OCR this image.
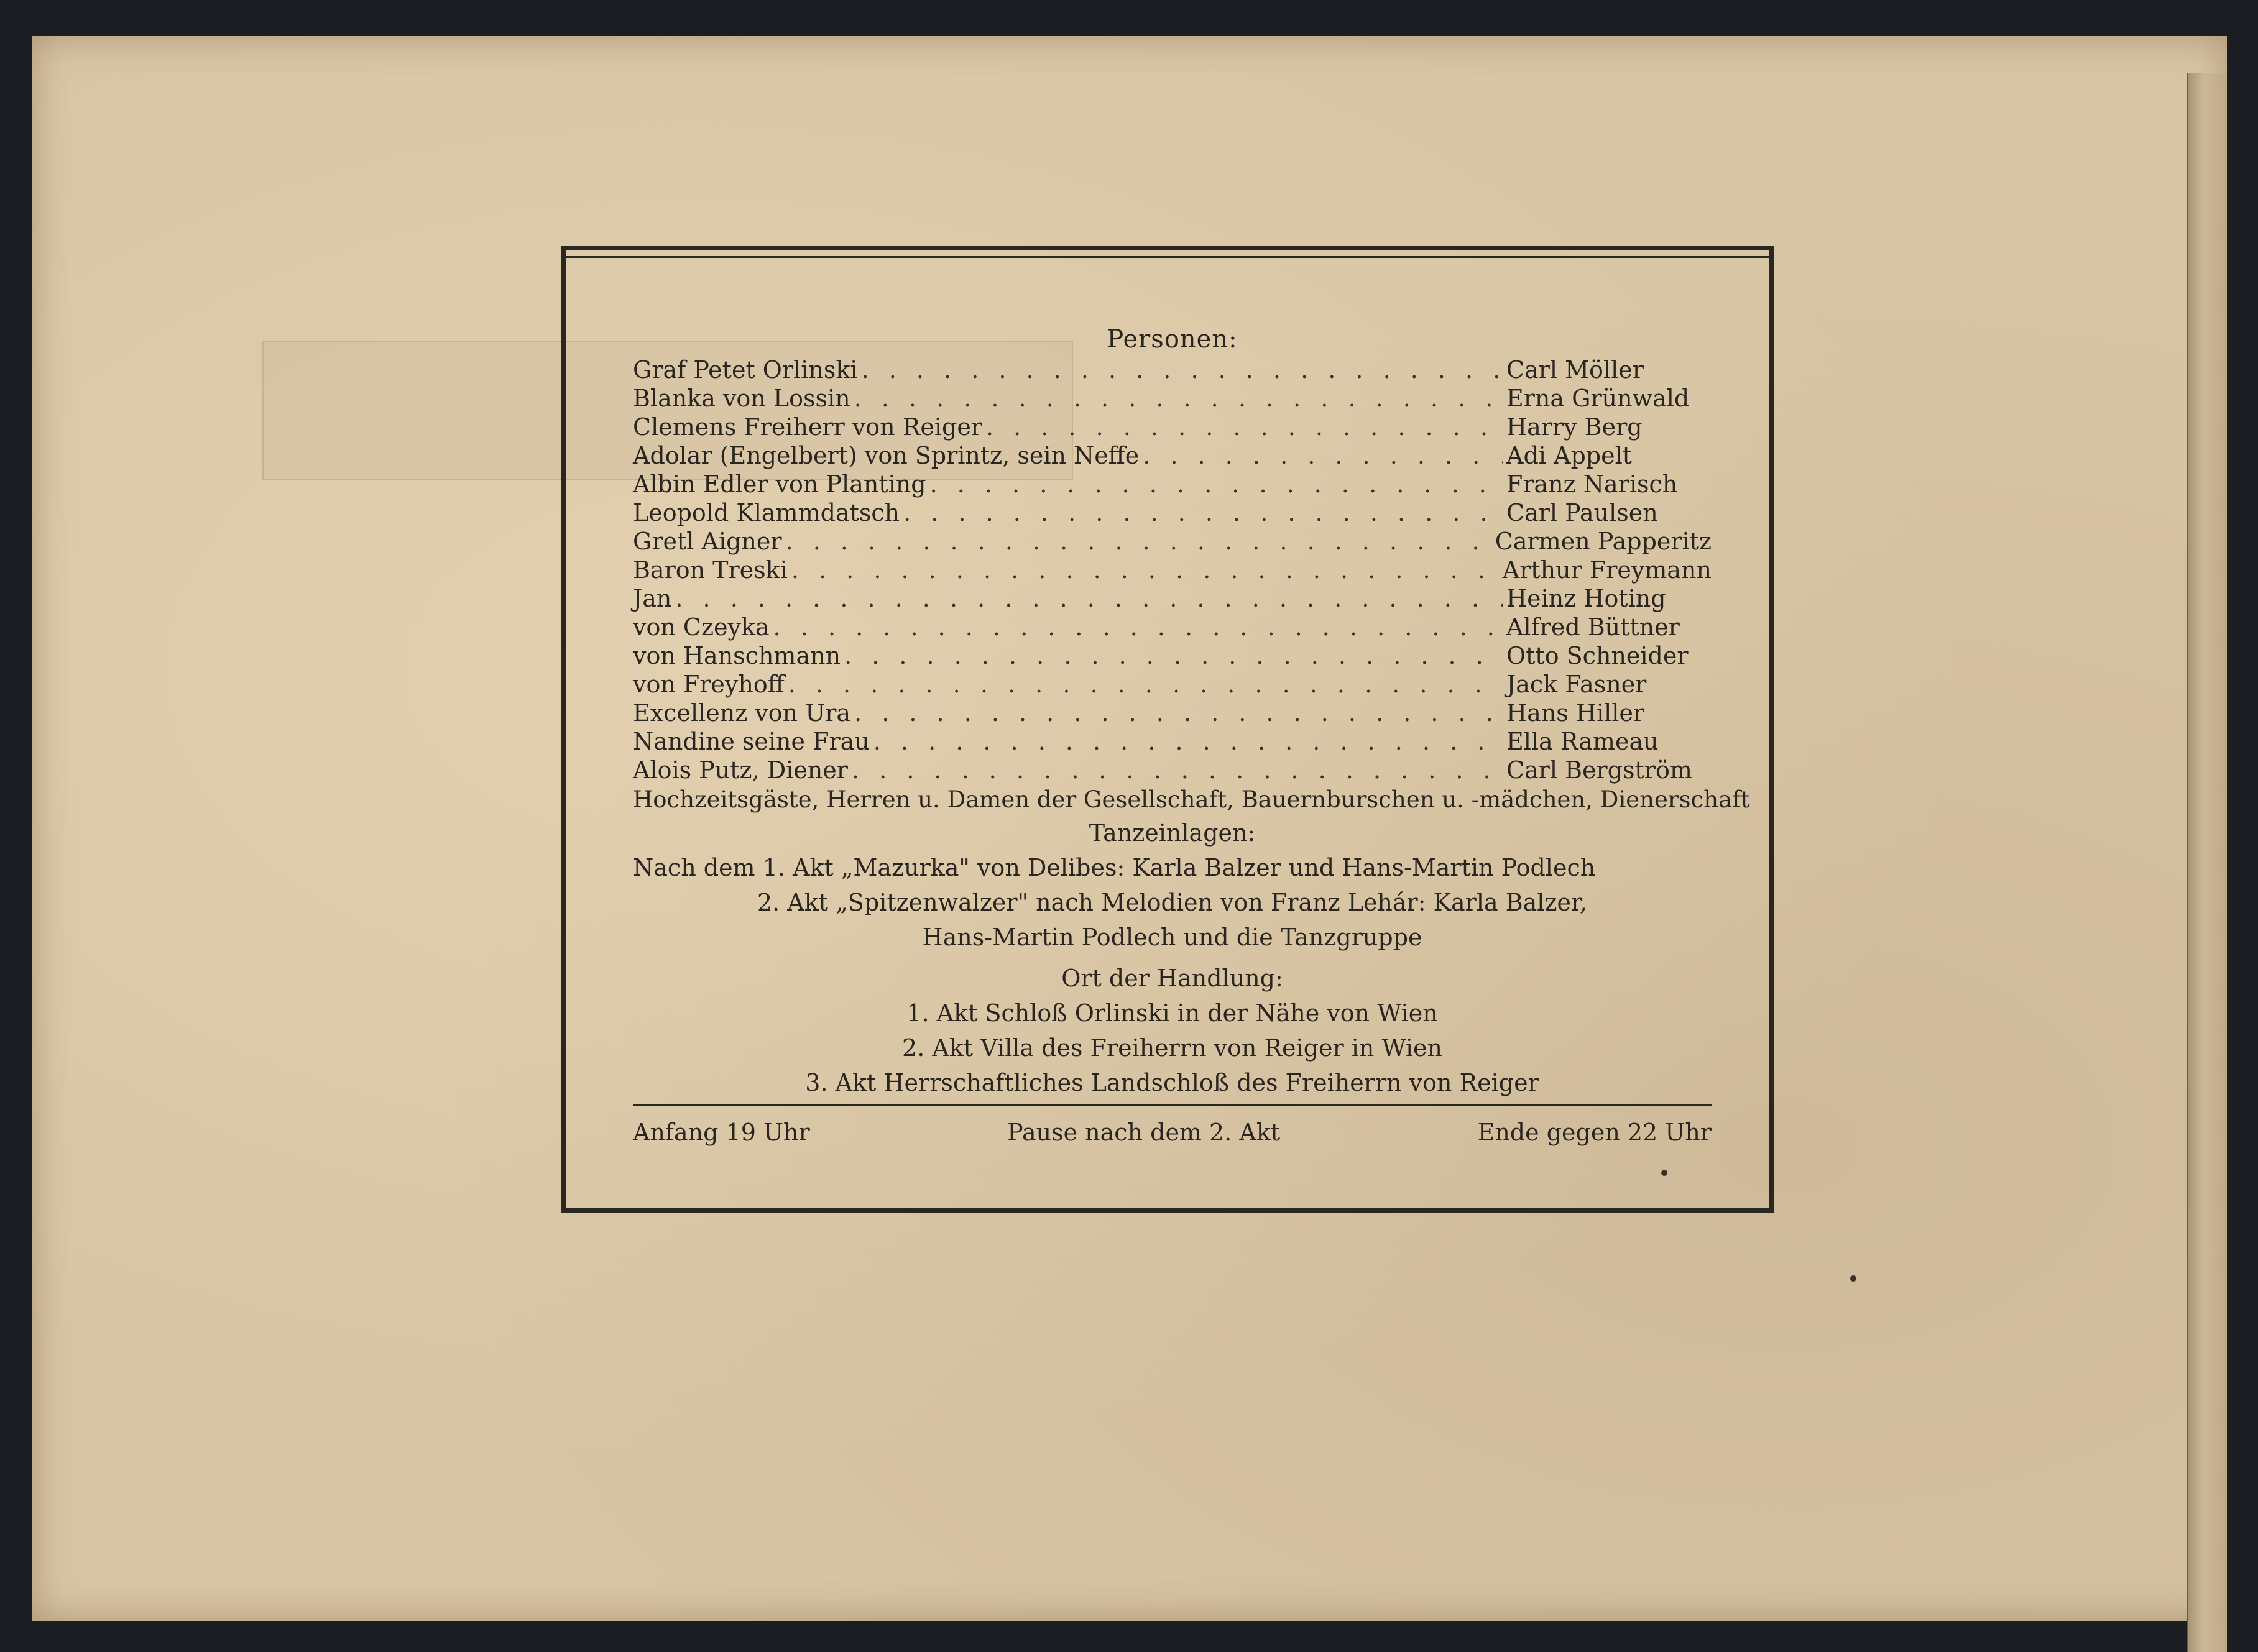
Personen:
Graf Petet Orlinski . . .	Carl Möller
Blanka von Lossin . . .	Erna Grünwald
Clemens Freiherr von Reiger . . .	Harry Berg
Adolar (Engelbert) von Sprintz, sein Neffe . . .	Adi Appelt
Albin Edler von Planting . . .	Franz Narisch
Leopold Klammdatsch . . .	Carl Paulsen
Gretl Aigner . . .	Carmen Papperitz
Baron Treski . . .	Arthur Freymann
Jan . . .	Heinz Hoting
von Czeyka . . .	Alfred Büttner
von Hanschmann . . .	Otto Schneider
von Freyhoff . . .	Jack Fasner
Excellenz von Ura . . .	Hans Hiller
Nandine seine Frau . . .	Ella Rameau
Alois Putz, Diener . . .	Carl Bergström
Hochzeitsgäste, Herren u. Damen der Gesellschaft, Bauernburschen u. -mädchen, Dienerschaft
Tanzeinlagen:
Nach dem 1. Akt „Mazurka" von Delibes: Karla Balzer und Hans-Martin Podlech
2. Akt „Spitzenwalzer" nach Melodien von Franz Lehár: Karla Balzer,
Hans-Martin Podlech und die Tanzgruppe
Ort der Handlung:
1. Akt Schloß Orlinski in der Nähe von Wien
2. Akt Villa des Freiherrn von Reiger in Wien
3. Akt Herrschaftliches Landschloß des Freiherrn von Reiger
Anfang 19 Uhr	Pause nach dem 2. Akt	Ende gegen 22 Uhr
